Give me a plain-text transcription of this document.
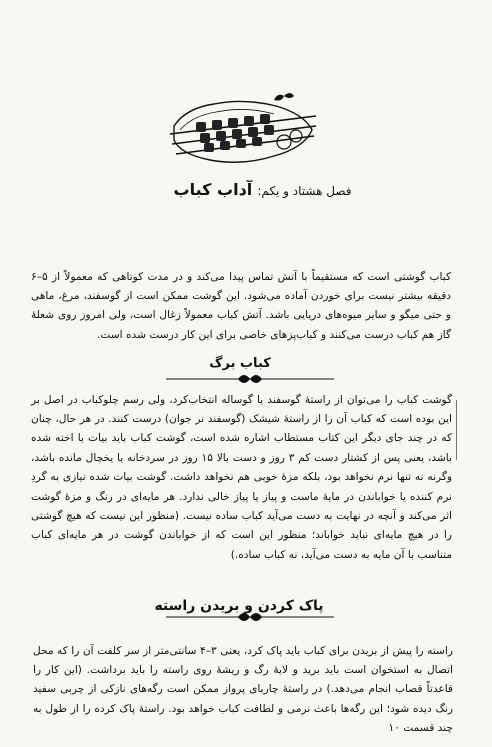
فصل هشتاد و یکم: آداب کباب

کباب گوشتی است که مستقیماً با آتش تماس پیدا می‌کند و در مدت کوتاهی که معمولاً از ۵–۶ دقیقه بیشتر نیست برای خوردن آماده می‌شود. این گوشت ممکن است از گوسفند، مرغ، ماهی و حتی میگو و سایر میوه‌های دریایی باشد. آتش کباب معمولاً زغال است، ولی امروز روی شعلهٔ گاز هم کباب درست می‌کنند و کباب‌پزهای خاصی برای این کار درست شده است.

کباب برگ

گوشت کباب را می‌توان از راستهٔ گوسفند یا گوساله انتخاب‌کرد، ولی رسم چلوکباب در اصل بر این بوده است که کباب آن را از راستهٔ شیشک (گوسفند نر جوان) درست کنند. در هر حال، چنان که در چند جای دیگر این کتاب مستطاب اشاره شده است، گوشت کباب باید بیات یا اخته شده باشد، یعنی پس از کشتار دست کم ۳ روز و دست بالا ۱۵ روز در سردخانه یا یخچال مانده باشد، وگرنه نه تنها نرم نخواهد بود، بلکه مزهٔ خوبی هم نخواهد داشت. گوشت بیات شده نیازی به گردِ نرم کننده یا خواباندن در مایهٔ ماست و پیاز یا پیاز خالی ندارد. هر مایه‌ای در رنگ و مزهٔ گوشت اثر می‌کند و آنچه در نهایت به دست می‌آید کباب ساده نیست. (منظور این نیست که هیچ گوشتی را در هیچ مایه‌ای نباید خواباند؛ منظور این است که از خواباندن گوشت در هر مایه‌ای کباب متناسب با آن مایه به دست می‌آید، نه کباب ساده.)

پاک کردن و بریدن راسته

راسته را پیش از بریدن برای کباب باید پاک کرد، یعنی ۳–۴ سانتی‌متر از سر کلفت آن را که محل اتصال به استخوان است باید برید و لایهٔ رگ و ریشهٔ روی راسته را باید برداشت. (این کار را قاعدتاً قصاب انجام می‌دهد.) در راستهٔ چاربای پرواز ممکن است رگه‌های نازکی از چربی سفید رنگ دیده شود؛ این رگه‌ها باعث نرمی و لطافت کباب خواهد بود. راستهٔ پاک کرده را از طول به چند قسمت ۱۰
